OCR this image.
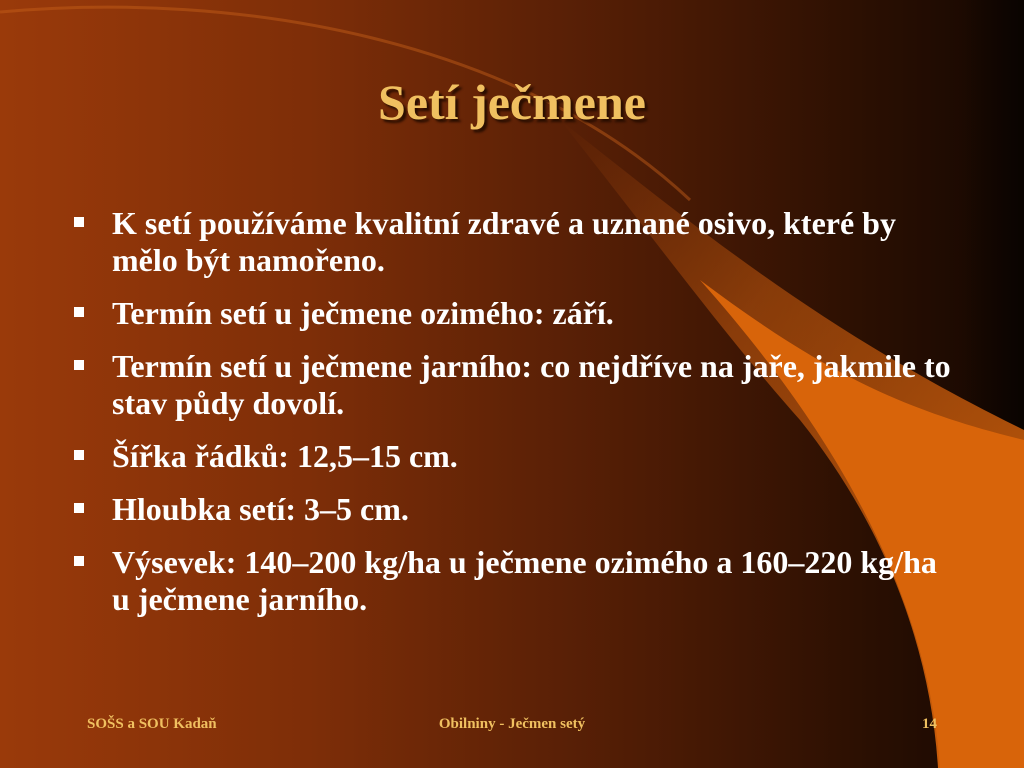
Setí ječmene
K setí používáme kvalitní zdravé a uznané osivo, které by mělo být namořeno.
Termín setí u ječmene ozimého: září.
Termín setí u ječmene jarního: co nejdříve na jaře, jakmile to stav půdy dovolí.
Šířka řádků: 12,5–15 cm.
Hloubka setí: 3–5 cm.
Výsevek: 140–200 kg/ha u ječmene ozimého a 160–220 kg/ha u ječmene jarního.
SOŠS a SOU Kadaň	Obilniny - Ječmen setý	14
